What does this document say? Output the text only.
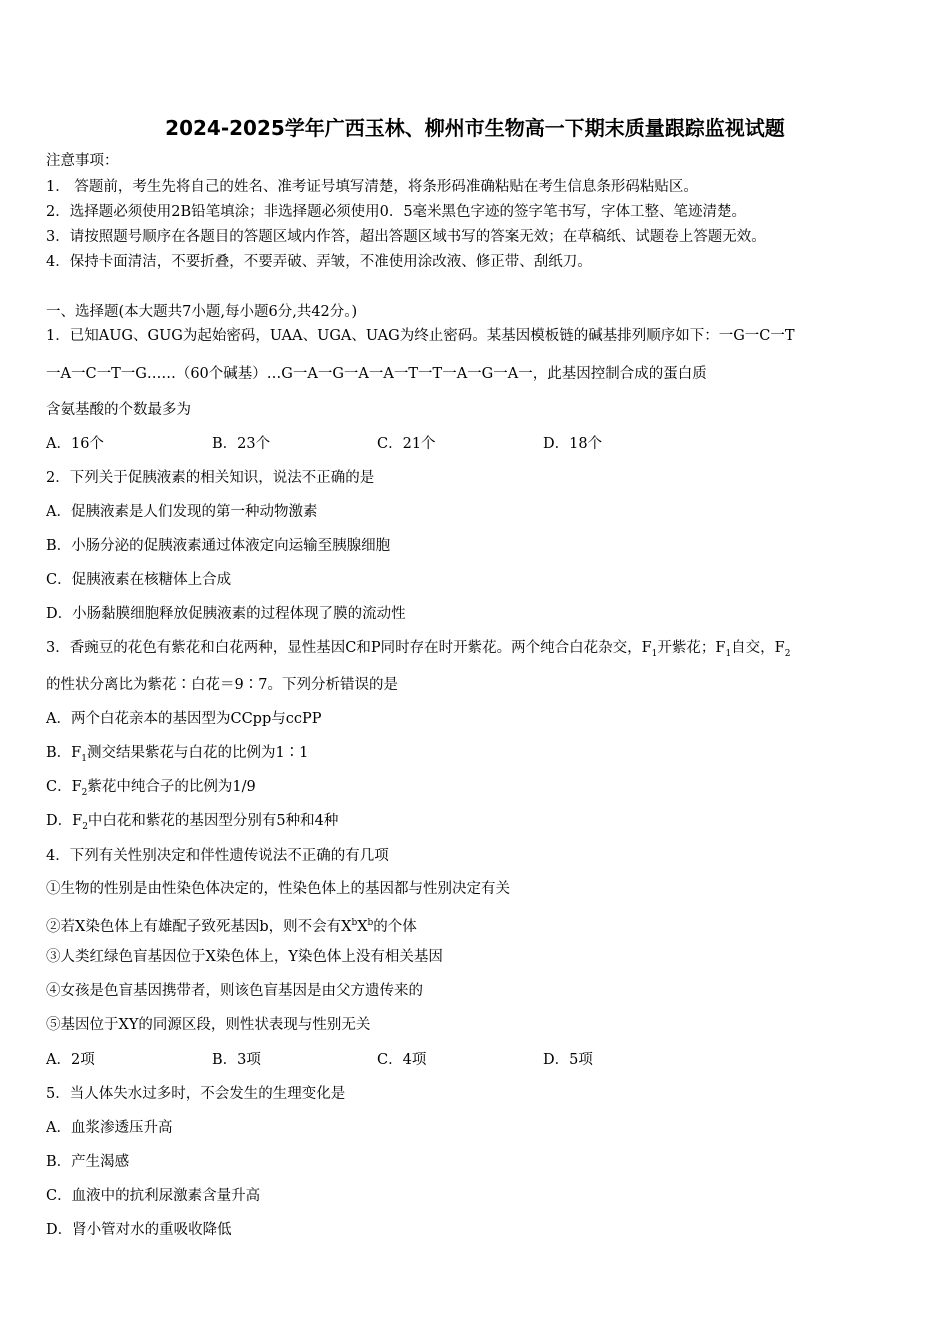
2024-2025学年广西玉林、柳州市生物高一下期末质量跟踪监视试题
注意事项：
1． 答题前，考生先将自己的姓名、准考证号填写清楚，将条形码准确粘贴在考生信息条形码粘贴区。
2．选择题必须使用2B铅笔填涂；非选择题必须使用0．5毫米黑色字迹的签字笔书写，字体工整、笔迹清楚。
3．请按照题号顺序在各题目的答题区域内作答，超出答题区域书写的答案无效；在草稿纸、试题卷上答题无效。
4．保持卡面清洁，不要折叠，不要弄破、弄皱，不准使用涂改液、修正带、刮纸刀。
一、选择题(本大题共7小题,每小题6分,共42分。)
1．已知AUG、GUG为起始密码，UAA、UGA、UAG为终止密码。某基因模板链的碱基排列顺序如下：一G一C一T
一A一C一T一G……（60个碱基）…G一A一G一A一A一T一T一A一G一A一，此基因控制合成的蛋白质
含氨基酸的个数最多为
A．16个	B．23个	C．21个	D．18个
2．下列关于促胰液素的相关知识，说法不正确的是
A．促胰液素是人们发现的第一种动物激素
B．小肠分泌的促胰液素通过体液定向运输至胰腺细胞
C．促胰液素在核糖体上合成
D．小肠黏膜细胞释放促胰液素的过程体现了膜的流动性
3．香豌豆的花色有紫花和白花两种，显性基因C和P同时存在时开紫花。两个纯合白花杂交，$F_1$开紫花；$F_1$自交，$F_2$
的性状分离比为紫花∶白花＝9∶7。下列分析错误的是
A．两个白花亲本的基因型为CCpp与ccPP
B．$F_1$测交结果紫花与白花的比例为1∶1
C．$F_2$紫花中纯合子的比例为1/9
D．$F_2$中白花和紫花的基因型分别有5种和4种
4．下列有关性别决定和伴性遗传说法不正确的有几项
①生物的性别是由性染色体决定的，性染色体上的基因都与性别决定有关
②若X染色体上有雄配子致死基因b，则不会有$X^bX^b$的个体
③人类红绿色盲基因位于X染色体上，Y染色体上没有相关基因
④女孩是色盲基因携带者，则该色盲基因是由父方遗传来的
⑤基因位于XY的同源区段，则性状表现与性别无关
A．2项	B．3项	C．4项	D．5项
5．当人体失水过多时，不会发生的生理变化是
A．血浆渗透压升高
B．产生渴感
C．血液中的抗利尿激素含量升高
D．肾小管对水的重吸收降低
